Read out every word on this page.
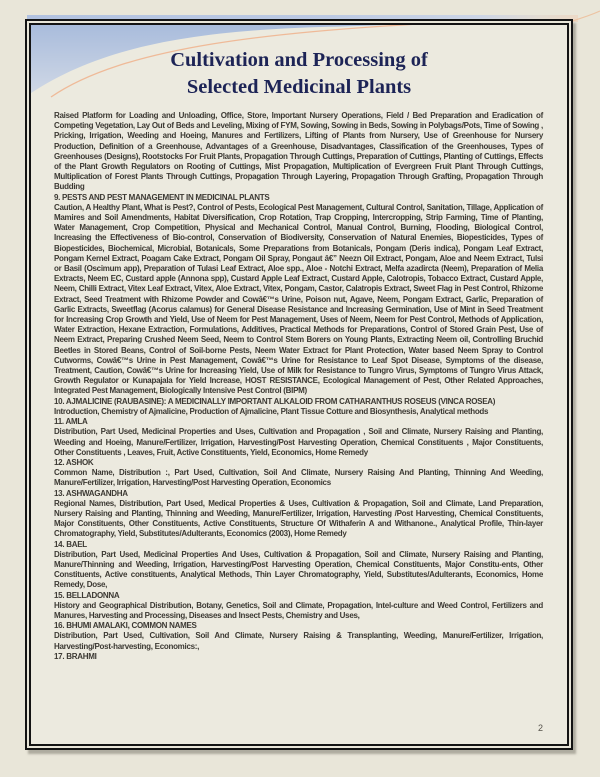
Cultivation and Processing of
Selected Medicinal Plants
Raised Platform for Loading and Unloading, Office, Store, Important Nursery Operations, Field / Bed Preparation and Eradication of Competing Vegetation, Lay Out of Beds and Leveling, Mixing of FYM, Sowing, Sowing in Beds, Sowing in Polybags/Pots, Time of Sowing , Pricking, Irrigation, Weeding and Hoeing, Manures and Fertilizers, Lifting of Plants from Nursery, Use of Greenhouse for Nursery Production, Definition of a Greenhouse, Advantages of a Greenhouse, Disadvantages, Classification of the Greenhouses, Types of Greenhouses (Designs), Rootstocks For Fruit Plants, Propagation Through Cuttings, Preparation of Cuttings, Planting of Cuttings, Effects of the Plant Growth Regulators on Rooting of Cuttings, Mist Propagation, Multiplication of Evergreen Fruit Plant Through Cuttings, Multiplication of Forest Plants Through Cuttings, Propagation Through Layering, Propagation Through Grafting, Propagation Through Budding
9. PESTS AND PEST MANAGEMENT IN MEDICINAL PLANTS
Caution, A Healthy Plant, What is Pest?, Control of Pests, Ecological Pest Management, Cultural Control, Sanitation, Tillage, Application of Mamires and Soil Amendments, Habitat Diversification, Crop Rotation, Trap Cropping, Intercropping, Strip Farming, Time of Planting, Water Management, Crop Competition, Physical and Mechanical Control, Manual Control, Burning, Flooding, Biological Control, Increasing the Effectiveness of Bio-control, Conservation of Biodiversity, Conservation of Natural Enemies, Biopesticides, Types of Biopesticides, Biochemical, Microbial, Botanicals, Some Preparations from Botanicals, Pongam (Deris indica), Pongam Leaf Extract, Pongam Kernel Extract, Poagam Cake Extract, Pongam Oil Spray, Pongaut â€” Neezn Oil Extract, Pongam, Aloe and Neem Extract, Tulsi or Basil (Oscimum app), Preparation of Tulasi Leaf Extract, Aloe spp., Aloe - Notchi Extract, Melfa azadircta (Neem), Preparation of Melia Extracts, Neem EC, Custard apple (Annona spp), Custard Apple Leaf Extract, Custard Apple, Calotropis, Tobacco Extract, Custard Apple, Neem, Chilli Extract, Vitex Leaf Extract, Vitex, Aloe Extract, Vitex, Pongam, Castor, Calatropis Extract, Sweet Flag in Pest Control, Rhizome Extract, Seed Treatment with Rhizome Powder and Cowâ€™s Urine, Poison nut, Agave, Neem, Pongam Extract, Garlic, Preparation of Garlic Extracts, Sweetflag (Acorus calamus) for General Disease Resistance and Increasing Germination, Use of Mint in Seed Treatment for Increasing Crop Growth and Yield, Use of Neem for Pest Management, Uses of Neem, Neem for Pest Control, Methods of Application, Water Extraction, Hexane Extraction, Formulations, Additives, Practical Methods for Preparations, Control of Stored Grain Pest, Use of Neem Extract, Preparing Crushed Neem Seed, Neem to Control Stem Borers on Young Plants, Extracting Neem oil, Controlling Bruchid Beetles in Stored Beans, Control of Soil-borne Pests, Neem Water Extract for Plant Protection, Water based Neem Spray to Control Cutworms, Cowâ€™s Urine in Pest Management, Cowâ€™s Urine for Resistance to Leaf Spot Disease, Symptoms of the disease, Treatment, Caution, Cowâ€™s Urine for Increasing Yield, Use of Milk for Resistance to Tungro Virus, Symptoms of Tungro Virus Attack, Growth Regulator or Kunapajala for Yield Increase, HOST RESISTANCE, Ecological Management of Pest, Other Related Approaches, Integrated Pest Management, Biologically Intensive Pest Control (BIPM)
10. AJMALICINE (RAUBASINE): A MEDICINALLY IMPORTANT ALKALOID FROM CATHARANTHUS ROSEUS (VINCA ROSEA)
Introduction, Chemistry of Ajmalicine, Production of Ajmalicine, Plant Tissue Cotture and Biosynthesis, Analytical methods
11. AMLA
Distribution, Part Used, Medicinal Properties and Uses, Cultivation and Propagation , Soil and Climate, Nursery Raising and Planting, Weeding and Hoeing, Manure/Fertilizer, Irrigation, Harvesting/Post Harvesting Operation, Chemical Constituents , Major Constituents, Other Constituents , Leaves, Fruit, Active Constituents, Yield, Economics, Home Remedy
12. ASHOK
Common Name, Distribution :, Part Used, Cultivation, Soil And Climate, Nursery Raising And Planting, Thinning And Weeding, Manure/Fertilizer, Irrigation, Harvesting/Post Harvesting Operation, Economics
13. ASHWAGANDHA
Regional Names, Distribution, Part Used, Medical Properties & Uses, Cultivation & Propagation, Soil and Climate, Land Preparation, Nursery Raising and Planting, Thinning and Weeding, Manure/Fertilizer, Irrigation, Harvesting /Post Harvesting, Chemical Constituents, Major Constituents, Other Constituents, Active Constituents, Structure Of Withaferin A and Withanone., Analytical Profile, Thin-layer Chromatography, Yield, Substitutes/Adulterants, Economics (2003), Home Remedy
14. BAEL
Distribution, Part Used, Medicinal Properties And Uses, Cultivation & Propagation, Soil and Climate, Nursery Raising and Planting, Manure/Thinning and Weeding, Irrigation, Harvesting/Post Harvesting Operation, Chemical Constituents, Major Constitu-ents, Other Constituents, Active constituents, Analytical Methods, Thin Layer Chromatography, Yield, Substitutes/Adulterants, Economics, Home Remedy, Dose,
15. BELLADONNA
History and Geographical Distribution, Botany, Genetics, Soil and Climate, Propagation, Intel-culture and Weed Control, Fertilizers and Manures, Harvesting and Processing, Diseases and Insect Pests, Chemistry and Uses,
16. BHUMI AMALAKI, COMMON NAMES
Distribution, Part Used, Cultivation, Soil And Climate, Nursery Raising & Transplanting, Weeding, Manure/Fertilizer, Irrigation, Harvesting/Post-harvesting, Economics:,
17. BRAHMI
2
